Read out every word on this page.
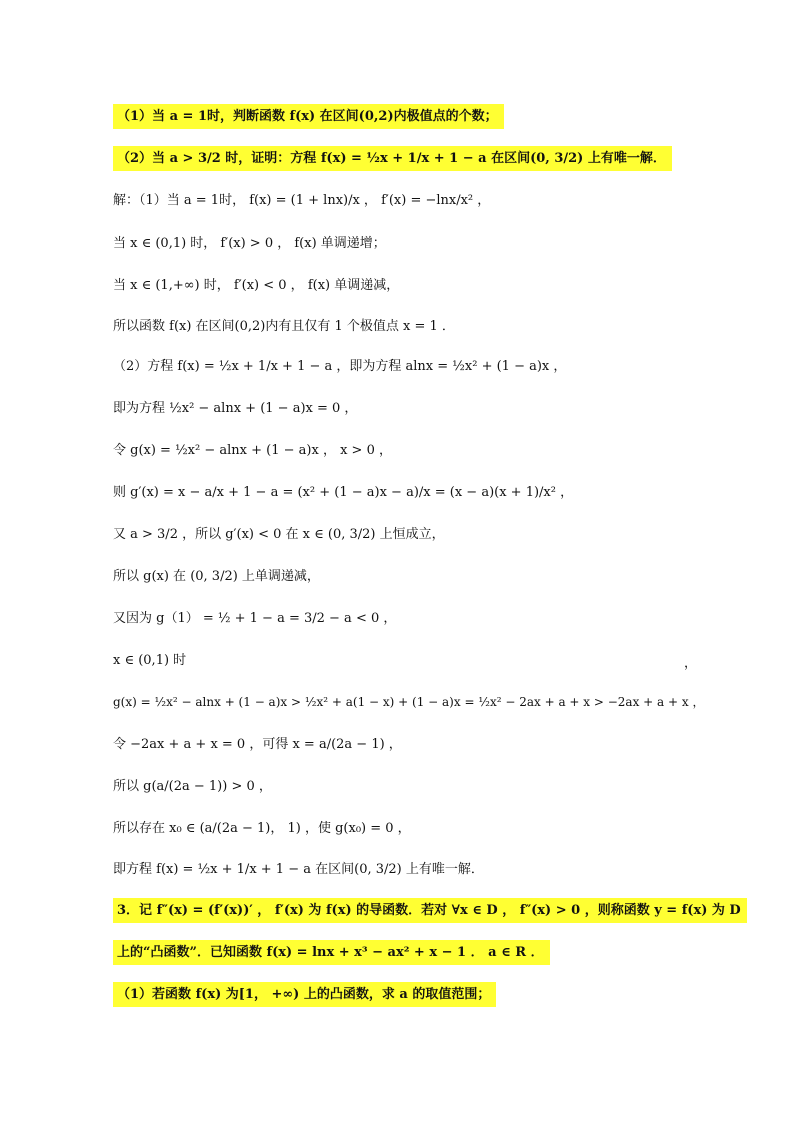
（1）当 a = 1时，判断函数 f(x) 在区间(0,2)内极值点的个数；
（2）当 a > 3/2 时，证明：方程 f(x) = ½x + 1/x + 1 − a 在区间(0, 3/2) 上有唯一解．
解：（1）当 a = 1时， f(x) = (1 + lnx)/x ， f′(x) = −lnx/x² ，
当 x ∈ (0,1) 时， f′(x) > 0 ， f(x) 单调递增；
当 x ∈ (1,+∞) 时， f′(x) < 0 ， f(x) 单调递减，
所以函数 f(x) 在区间(0,2)内有且仅有 1 个极值点 x = 1 ．
（2）方程 f(x) = ½x + 1/x + 1 − a ，即为方程 alnx = ½x² + (1 − a)x ，
即为方程 ½x² − alnx + (1 − a)x = 0 ，
令 g(x) = ½x² − alnx + (1 − a)x ， x > 0 ，
则 g′(x) = x − a/x + 1 − a = (x² + (1 − a)x − a)/x = (x − a)(x + 1)/x² ，
又 a > 3/2 ，所以 g′(x) < 0 在 x ∈ (0, 3/2) 上恒成立，
所以 g(x) 在 (0, 3/2) 上单调递减，
又因为 g（1） = ½ + 1 − a = 3/2 − a < 0 ，
x ∈ (0,1) 时	，
g(x) = ½x² − alnx + (1 − a)x > ½x² + a(1 − x) + (1 − a)x = ½x² − 2ax + a + x > −2ax + a + x ，
令 −2ax + a + x = 0 ，可得 x = a/(2a − 1) ，
所以 g(a/(2a − 1)) > 0 ，
所以存在 x₀ ∈ (a/(2a − 1)， 1) ，使 g(x₀) = 0 ，
即方程 f(x) = ½x + 1/x + 1 − a 在区间(0, 3/2) 上有唯一解．
3．记 f″(x) = (f′(x))′ ， f′(x) 为 f(x) 的导函数．若对 ∀x ∈ D ， f″(x) > 0 ，则称函数 y = f(x) 为 D
上的“凸函数”．已知函数 f(x) = lnx + x³ − ax² + x − 1 ． a ∈ R ．
（1）若函数 f(x) 为[1， +∞) 上的凸函数，求 a 的取值范围；
